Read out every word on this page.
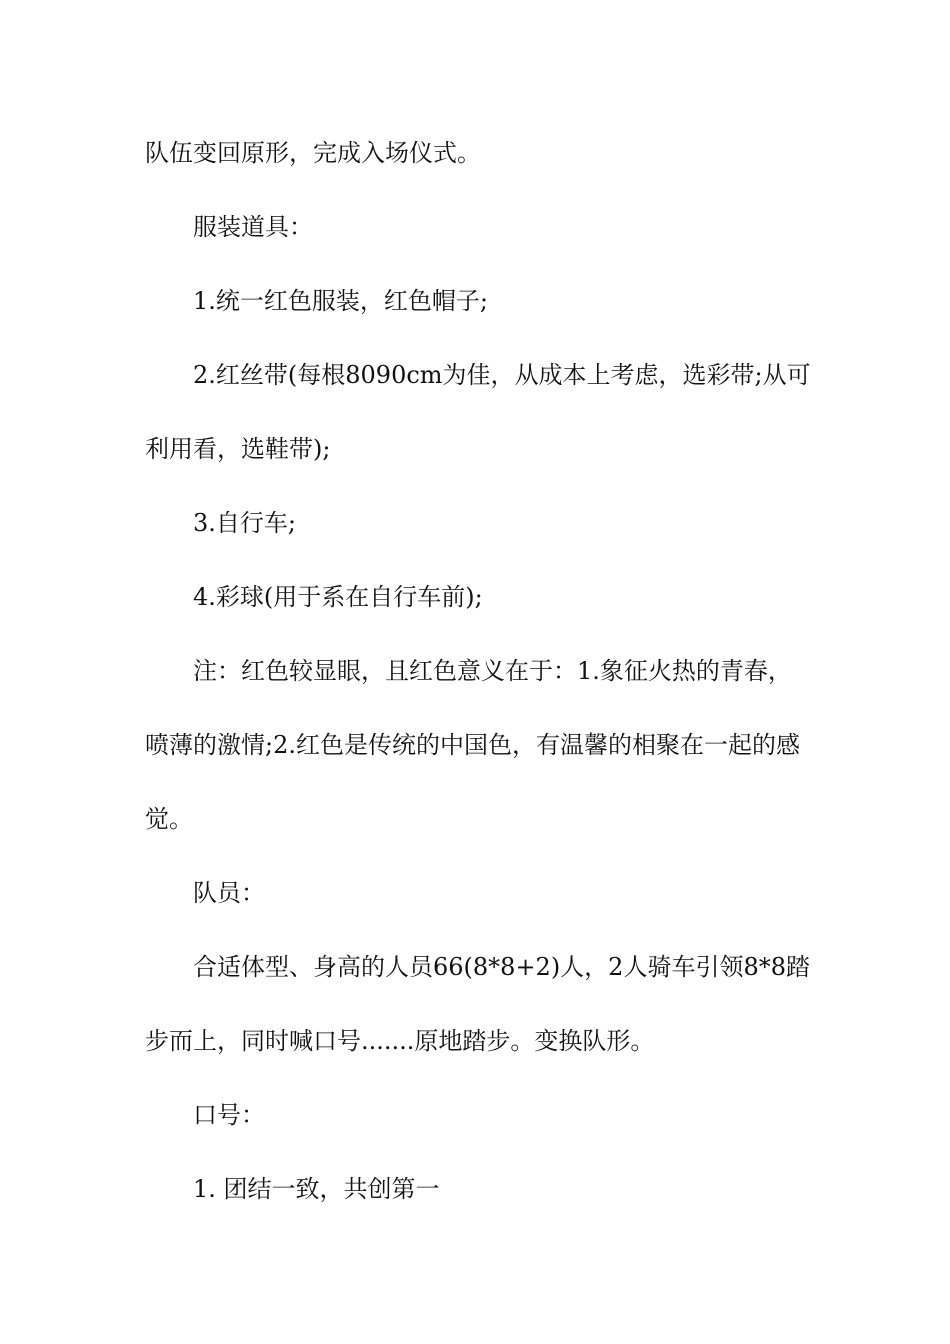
队伍变回原形，完成入场仪式。
服装道具：
1.统一红色服装，红色帽子;
2.红丝带(每根8090cm为佳，从成本上考虑，选彩带;从可
利用看，选鞋带);
3.自行车;
4.彩球(用于系在自行车前);
注：红色较显眼，且红色意义在于：1.象征火热的青春，
喷薄的激情;2.红色是传统的中国色，有温馨的相聚在一起的感
觉。
队员：
合适体型、身高的人员66(8*8+2)人，2人骑车引领8*8踏
步而上，同时喊口号.......原地踏步。变换队形。
口号：
1. 团结一致，共创第一
